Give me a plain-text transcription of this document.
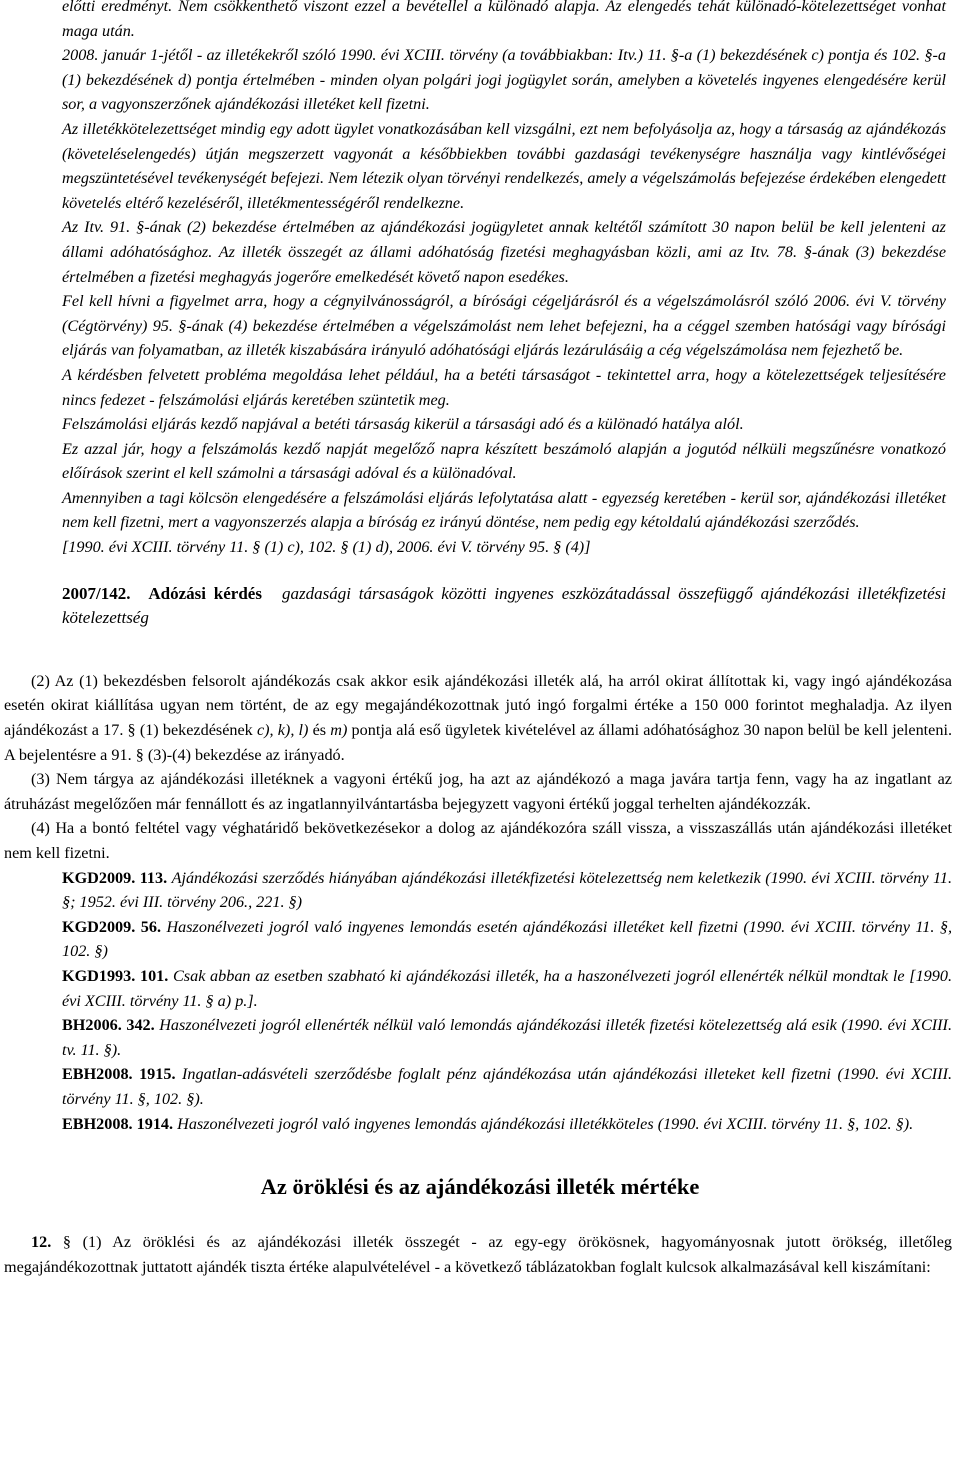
előtti eredményt. Nem csökkenthető viszont ezzel a bevétellel a különadó alapja. Az elengedés tehát különadó-kötelezettséget vonhat maga után.

2008. január 1-jétől - az illetékekről szóló 1990. évi XCIII. törvény (a továbbiakban: Itv.) 11. §-a (1) bekezdésének c) pontja és 102. §-a (1) bekezdésének d) pontja értelmében - minden olyan polgári jogi jogügylet során, amelyben a követelés ingyenes elengedésére kerül sor, a vagyonszerzőnek ajándékozási illetéket kell fizetni.

Az illetékkötelezettséget mindig egy adott ügylet vonatkozásában kell vizsgálni, ezt nem befolyásolja az, hogy a társaság az ajándékozás (követeléselengedés) útján megszerzett vagyonát a későbbiekben további gazdasági tevékenységre használja vagy kintlévőségei megszüntetésével tevékenységét befejezi. Nem létezik olyan törvényi rendelkezés, amely a végelszámolás befejezése érdekében elengedett követelés eltérő kezeléséről, illetékmentességéről rendelkezne.

Az Itv. 91. §-ának (2) bekezdése értelmében az ajándékozási jogügyletet annak keltétől számított 30 napon belül be kell jelenteni az állami adóhatósághoz. Az illeték összegét az állami adóhatóság fizetési meghagyásban közli, ami az Itv. 78. §-ának (3) bekezdése értelmében a fizetési meghagyás jogerőre emelkedését követő napon esedékes.

Fel kell hívni a figyelmet arra, hogy a cégnyilvánosságról, a bírósági cégeljárásról és a végelszámolásról szóló 2006. évi V. törvény (Cégtörvény) 95. §-ának (4) bekezdése értelmében a végelszámolást nem lehet befejezni, ha a céggel szemben hatósági vagy bírósági eljárás van folyamatban, az illeték kiszabására irányuló adóhatósági eljárás lezárulásáig a cég végelszámolása nem fejezhető be.

A kérdésben felvetett probléma megoldása lehet például, ha a betéti társaságot - tekintettel arra, hogy a kötelezettségek teljesítésére nincs fedezet - felszámolási eljárás keretében szüntetik meg.

Felszámolási eljárás kezdő napjával a betéti társaság kikerül a társasági adó és a különadó hatálya alól.

Ez azzal jár, hogy a felszámolás kezdő napját megelőző napra készített beszámoló alapján a jogutód nélküli megszűnésre vonatkozó előírások szerint el kell számolni a társasági adóval és a különadóval.

Amennyiben a tagi kölcsön elengedésére a felszámolási eljárás lefolytatása alatt - egyezség keretében - kerül sor, ajándékozási illetéket nem kell fizetni, mert a vagyonszerzés alapja a bíróság ez irányú döntése, nem pedig egy kétoldalú ajándékozási szerződés.

[1990. évi XCIII. törvény 11. § (1) c), 102. § (1) d), 2006. évi V. törvény 95. § (4)]

2007/142. Adózási kérdés gazdasági társaságok közötti ingyenes eszközátadással összefüggő ajándékozási illetékfizetési kötelezettség

(2) Az (1) bekezdésben felsorolt ajándékozás csak akkor esik ajándékozási illeték alá, ha arról okirat állítottak ki, vagy ingó ajándékozása esetén okirat kiállítása ugyan nem történt, de az egy megajándékozottnak jutó ingó forgalmi értéke a 150 000 forintot meghaladja. Az ilyen ajándékozást a 17. § (1) bekezdésének c), k), l) és m) pontja alá eső ügyletek kivételével az állami adóhatósághoz 30 napon belül be kell jelenteni. A bejelentésre a 91. § (3)-(4) bekezdése az irányadó.

(3) Nem tárgya az ajándékozási illetéknek a vagyoni értékű jog, ha azt az ajándékozó a maga javára tartja fenn, vagy ha az ingatlant az átruházást megelőzően már fennállott és az ingatlannyilvántartásba bejegyzett vagyoni értékű joggal terhelten ajándékozzák.

(4) Ha a bontó feltétel vagy véghatáridő bekövetkezésekor a dolog az ajándékozóra száll vissza, a visszaszállás után ajándékozási illetéket nem kell fizetni.

KGD2009. 113. Ajándékozási szerződés hiányában ajándékozási illetékfizetési kötelezettség nem keletkezik (1990. évi XCIII. törvény 11. §; 1952. évi III. törvény 206., 221. §)

KGD2009. 56. Haszonélvezeti jogról való ingyenes lemondás esetén ajándékozási illetéket kell fizetni (1990. évi XCIII. törvény 11. §, 102. §)

KGD1993. 101. Csak abban az esetben szabható ki ajándékozási illeték, ha a haszonélvezeti jogról ellenérték nélkül mondtak le [1990. évi XCIII. törvény 11. § a) p.].

BH2006. 342. Haszonélvezeti jogról ellenérték nélkül való lemondás ajándékozási illeték fizetési kötelezettség alá esik (1990. évi XCIII. tv. 11. §).

EBH2008. 1915. Ingatlan-adásvételi szerződésbe foglalt pénz ajándékozása után ajándékozási illeteket kell fizetni (1990. évi XCIII. törvény 11. §, 102. §).

EBH2008. 1914. Haszonélvezeti jogról való ingyenes lemondás ajándékozási illetékköteles (1990. évi XCIII. törvény 11. §, 102. §).

Az öröklési és az ajándékozási illeték mértéke

12. § (1) Az öröklési és az ajándékozási illeték összegét - az egy-egy örökösnek, hagyományosnak jutott örökség, illetőleg megajándékozottnak juttatott ajándék tiszta értéke alapulvételével - a következő táblázatokban foglalt kulcsok alkalmazásával kell kiszámítani:
